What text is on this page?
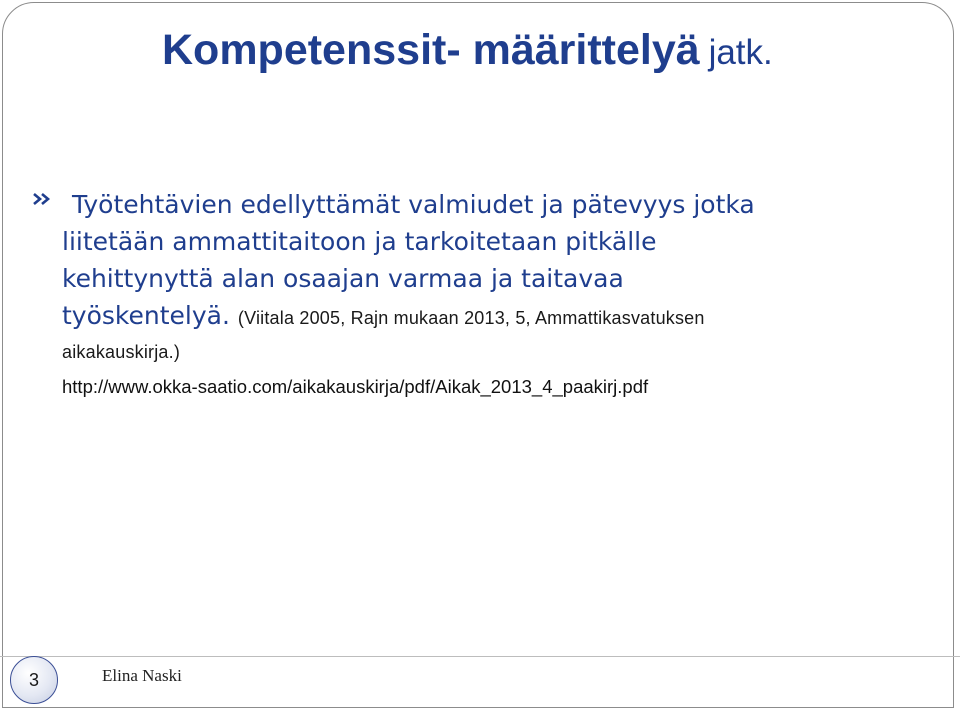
Kompetenssit- määrittelyä jatk.
Työtehtävien edellyttämät valmiudet ja pätevyys jotka
liitetään ammattitaitoon ja tarkoitetaan pitkälle
kehittynyttä alan osaajan varmaa ja taitavaa
työskentelyä. (Viitala 2005, Rajn mukaan 2013, 5, Ammattikasvatuksen
aikakauskirja.)
http://www.okka-saatio.com/aikakauskirja/pdf/Aikak_2013_4_paakirj.pdf
3	Elina Naski
